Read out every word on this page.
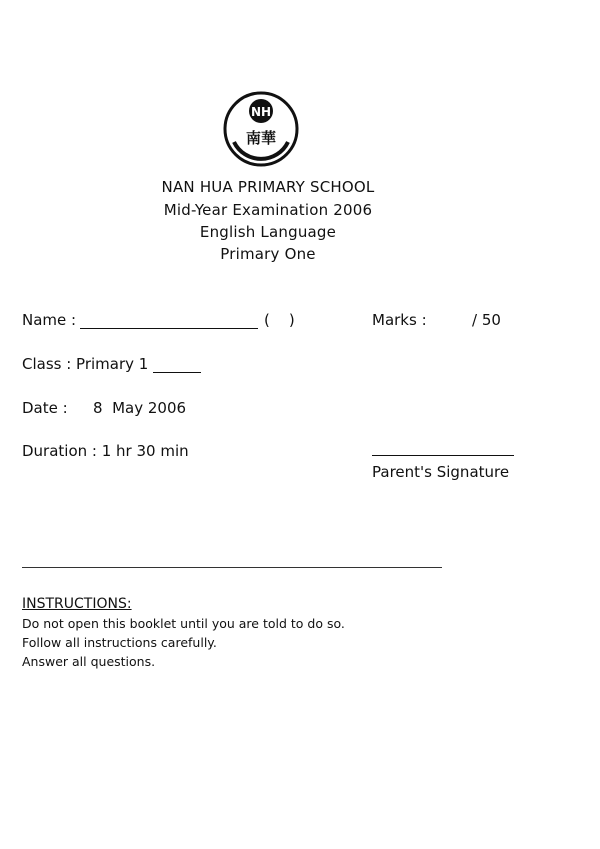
NH
南華
NAN HUA PRIMARY SCHOOL
Mid-Year Examination 2006
English Language
Primary One
Name :	(    )	Marks :	/ 50
Class : Primary 1
Date : 8  May 2006
Duration : 1 hr 30 min
Parent's Signature
INSTRUCTIONS:
Do not open this booklet until you are told to do so.
Follow all instructions carefully.
Answer all questions.
